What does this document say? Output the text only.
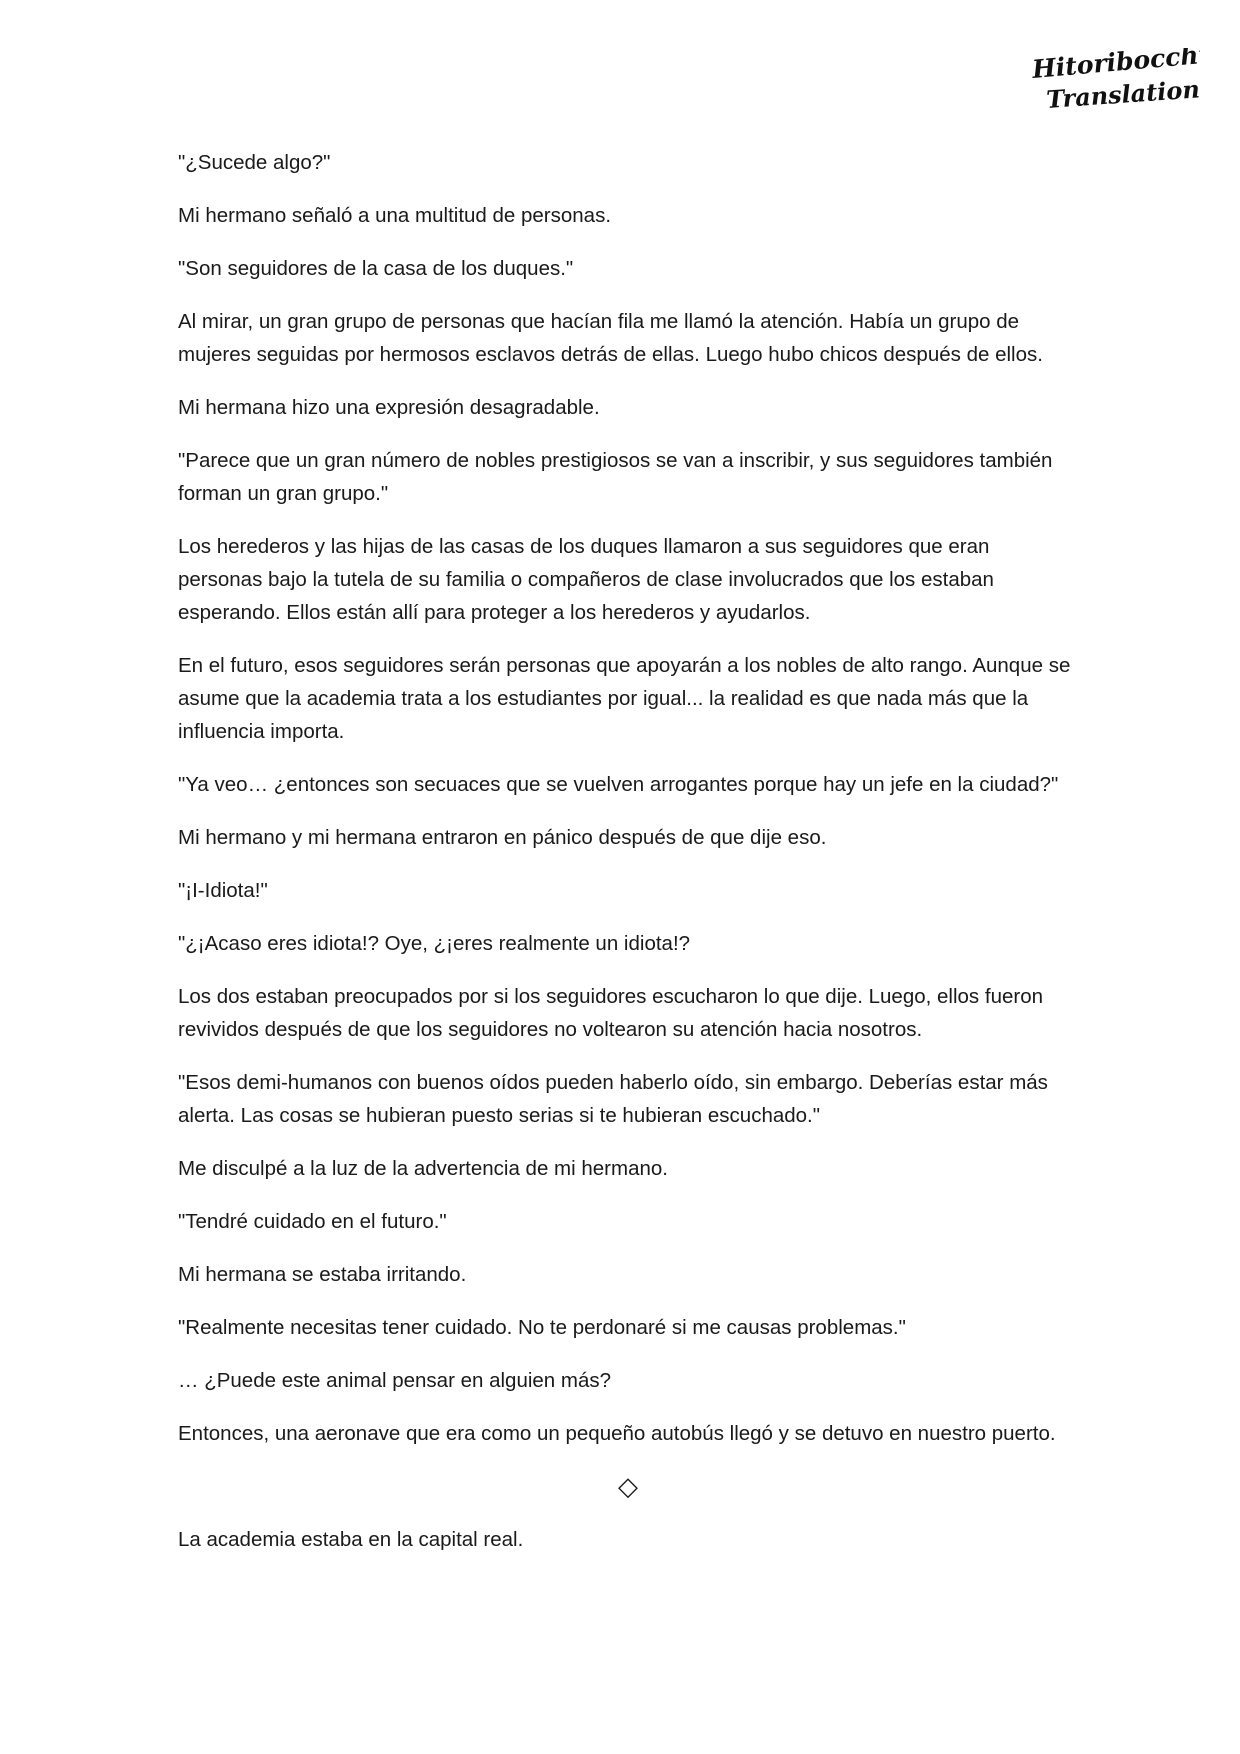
Hitoribocchi
Translation

"¿Sucede algo?"

Mi hermano señaló a una multitud de personas.

"Son seguidores de la casa de los duques."

Al mirar, un gran grupo de personas que hacían fila me llamó la atención. Había un grupo de mujeres seguidas por hermosos esclavos detrás de ellas. Luego hubo chicos después de ellos.

Mi hermana hizo una expresión desagradable.

"Parece que un gran número de nobles prestigiosos se van a inscribir, y sus seguidores también forman un gran grupo."

Los herederos y las hijas de las casas de los duques llamaron a sus seguidores que eran personas bajo la tutela de su familia o compañeros de clase involucrados que los estaban esperando. Ellos están allí para proteger a los herederos y ayudarlos.

En el futuro, esos seguidores serán personas que apoyarán a los nobles de alto rango. Aunque se asume que la academia trata a los estudiantes por igual... la realidad es que nada más que la influencia importa.

"Ya veo… ¿entonces son secuaces que se vuelven arrogantes porque hay un jefe en la ciudad?"

Mi hermano y mi hermana entraron en pánico después de que dije eso.

"¡I-Idiota!"

"¿¡Acaso eres idiota!? Oye, ¿¡eres realmente un idiota!?

Los dos estaban preocupados por si los seguidores escucharon lo que dije. Luego, ellos fueron revividos después de que los seguidores no voltearon su atención hacia nosotros.

"Esos demi-humanos con buenos oídos pueden haberlo oído, sin embargo. Deberías estar más alerta. Las cosas se hubieran puesto serias si te hubieran escuchado."

Me disculpé a la luz de la advertencia de mi hermano.

"Tendré cuidado en el futuro."

Mi hermana se estaba irritando.

"Realmente necesitas tener cuidado. No te perdonaré si me causas problemas."

… ¿Puede este animal pensar en alguien más?

Entonces, una aeronave que era como un pequeño autobús llegó y se detuvo en nuestro puerto.

◇

La academia estaba en la capital real.
